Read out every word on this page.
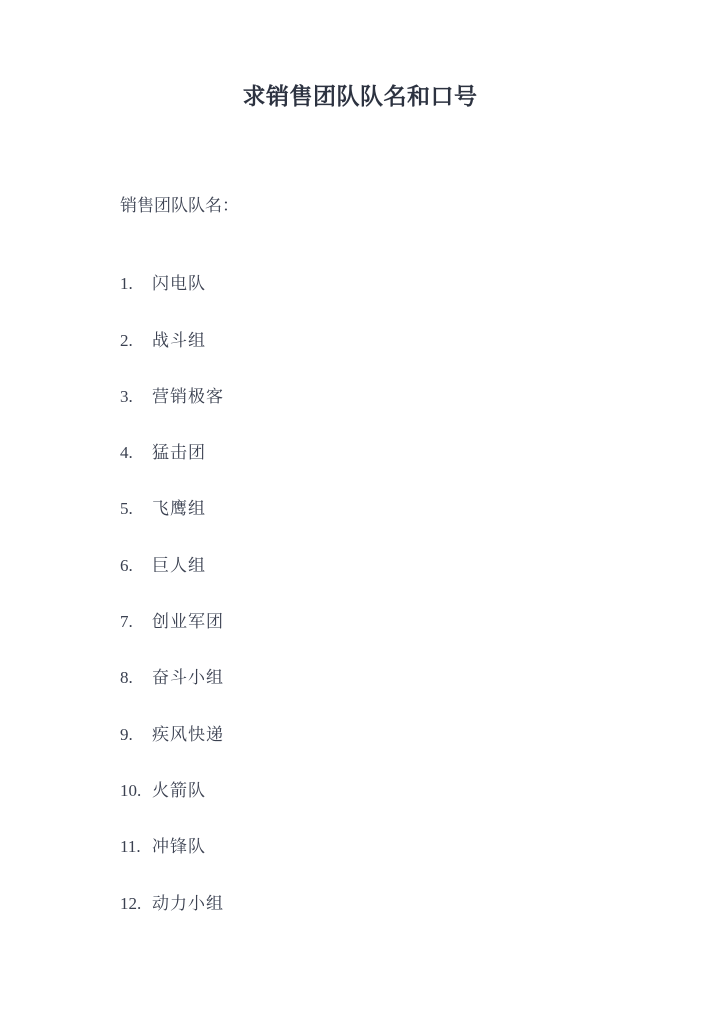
求销售团队队名和口号
销售团队队名：
1. 闪电队
2. 战斗组
3. 营销极客
4. 猛击团
5. 飞鹰组
6. 巨人组
7. 创业军团
8. 奋斗小组
9. 疾风快递
10. 火箭队
11. 冲锋队
12. 动力小组
